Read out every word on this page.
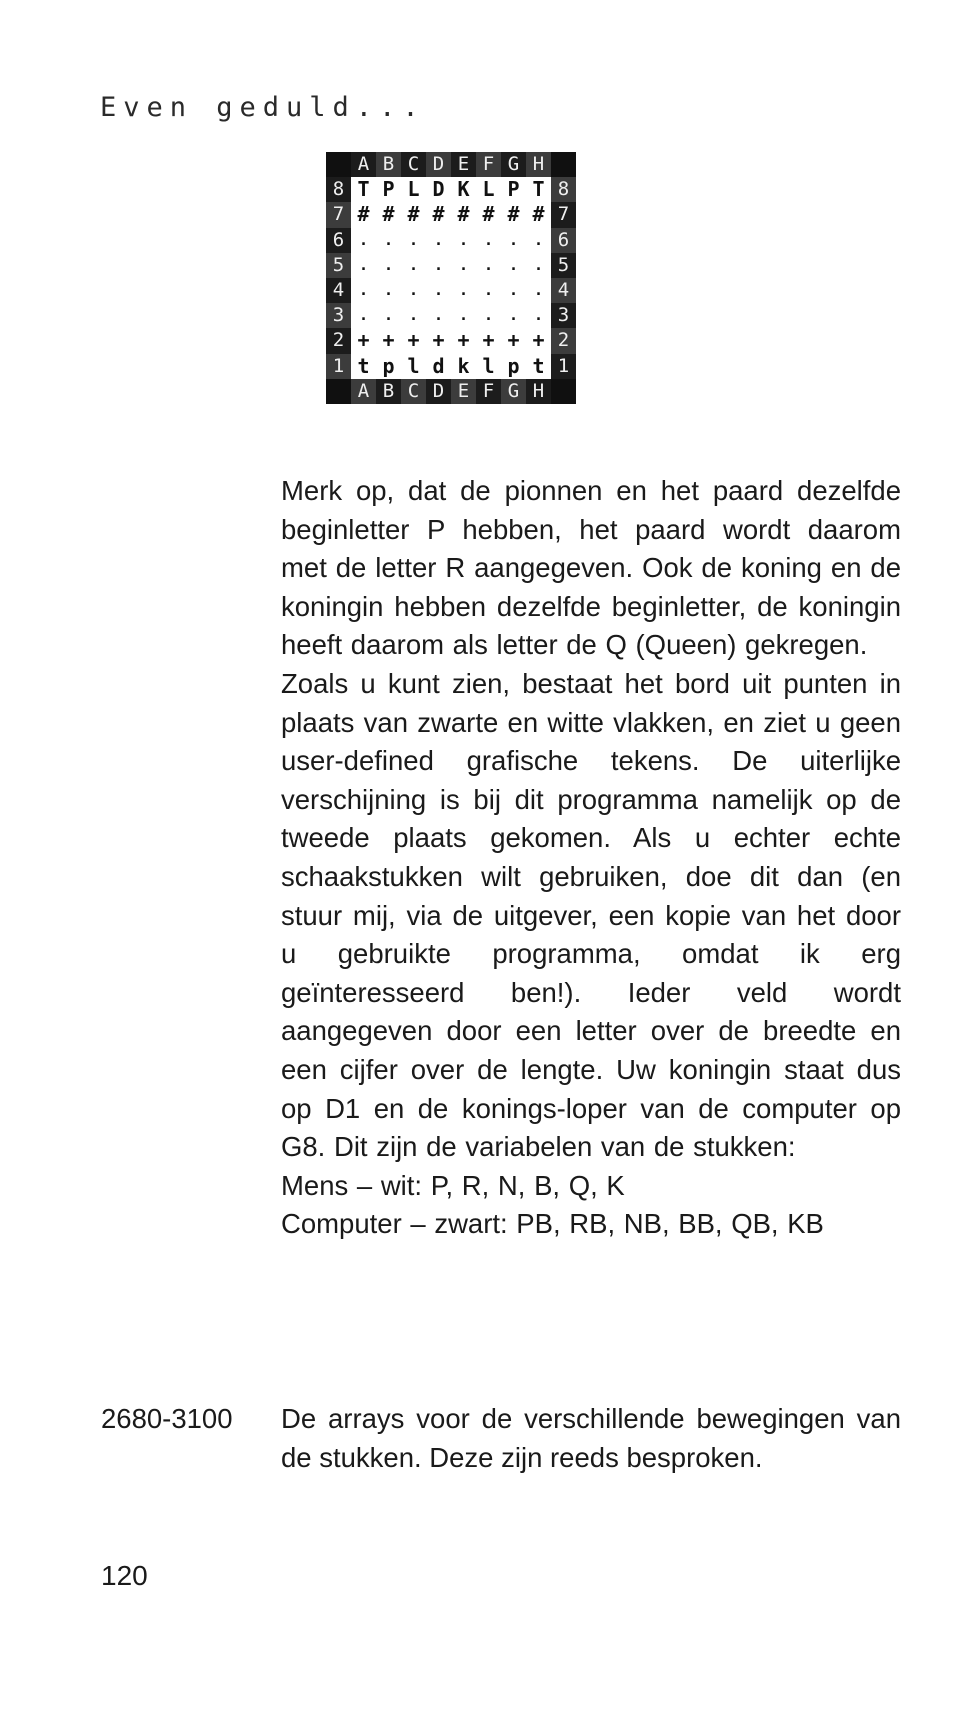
Even geduld...
A B C D E F G H
8 T P L D K L P T 8
7 # # # # # # # # 7
6 .	.	.	.	.	.	.	. 6
5 .	.	.	.	.	.	.	. 5
4 .	.	.	.	.	.	.	. 4
3 .	.	.	.	.	.	.	. 3
2 + + + + + + + + 2
1 t p l d k l p t 1
A B C D E F G H
Merk op, dat de pionnen en het paard dezelfde beginletter P hebben, het paard wordt daarom met de letter R aangegeven. Ook de koning en de koningin hebben dezelfde beginletter, de koningin heeft daarom als letter de Q (Queen) gekregen.
Zoals u kunt zien, bestaat het bord uit punten in plaats van zwarte en witte vlakken, en ziet u geen user-defined grafische tekens. De uiterlijke verschijning is bij dit programma namelijk op de tweede plaats gekomen. Als u echter echte schaakstukken wilt gebruiken, doe dit dan (en stuur mij, via de uitgever, een kopie van het door u gebruikte programma, omdat ik erg geïnteresseerd ben!). Ieder veld wordt aangegeven door een letter over de breedte en een cijfer over de lengte. Uw koningin staat dus op D1 en de konings-loper van de computer op G8. Dit zijn de variabelen van de stukken:
Mens – wit: P, R, N, B, Q, K
Computer – zwart: PB, RB, NB, BB, QB, KB
2680-3100 De arrays voor de verschillende bewegingen van de stukken. Deze zijn reeds besproken.

120
